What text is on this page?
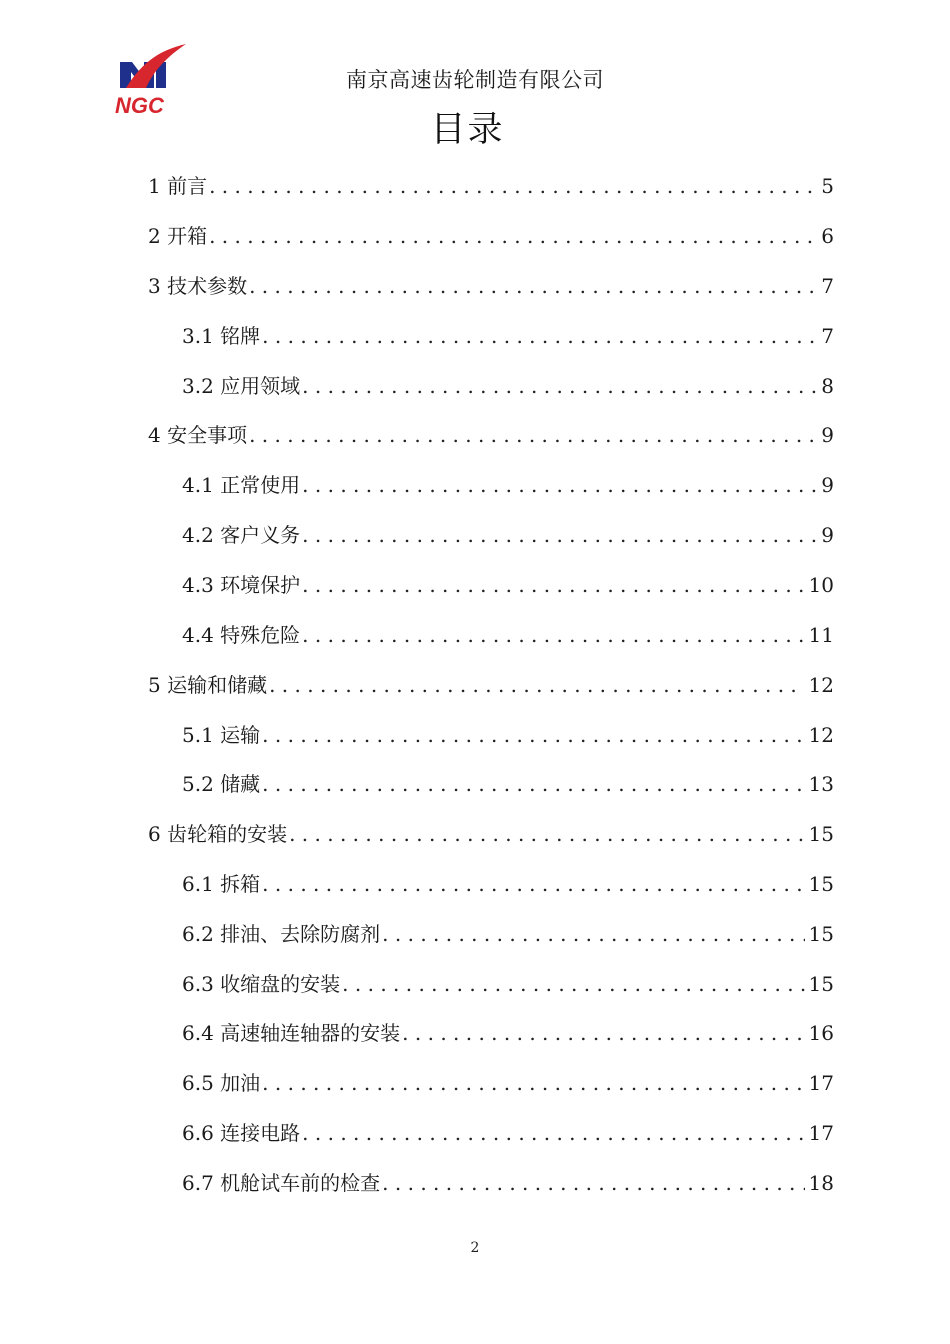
NGC
南京高速齿轮制造有限公司
目录
1 前言 . . .	5
2 开箱 . . .	6
3 技术参数 . . .	7
3.1 铭牌 . . .	7
3.2 应用领域 . . .	8
4 安全事项 . . .	9
4.1 正常使用 . . .	9
4.2 客户义务 . . .	9
4.3 环境保护 . . .	10
4.4 特殊危险 . . .	11
5 运输和储藏 . . .	12
5.1 运输 . . .	12
5.2 储藏 . . .	13
6 齿轮箱的安装 . . .	15
6.1 拆箱 . . .	15
6.2 排油、去除防腐剂 . . .	15
6.3 收缩盘的安装 . . .	15
6.4 高速轴连轴器的安装 . . .	16
6.5 加油 . . .	17
6.6 连接电路 . . .	17
6.7 机舱试车前的检查 . . .	18
2
